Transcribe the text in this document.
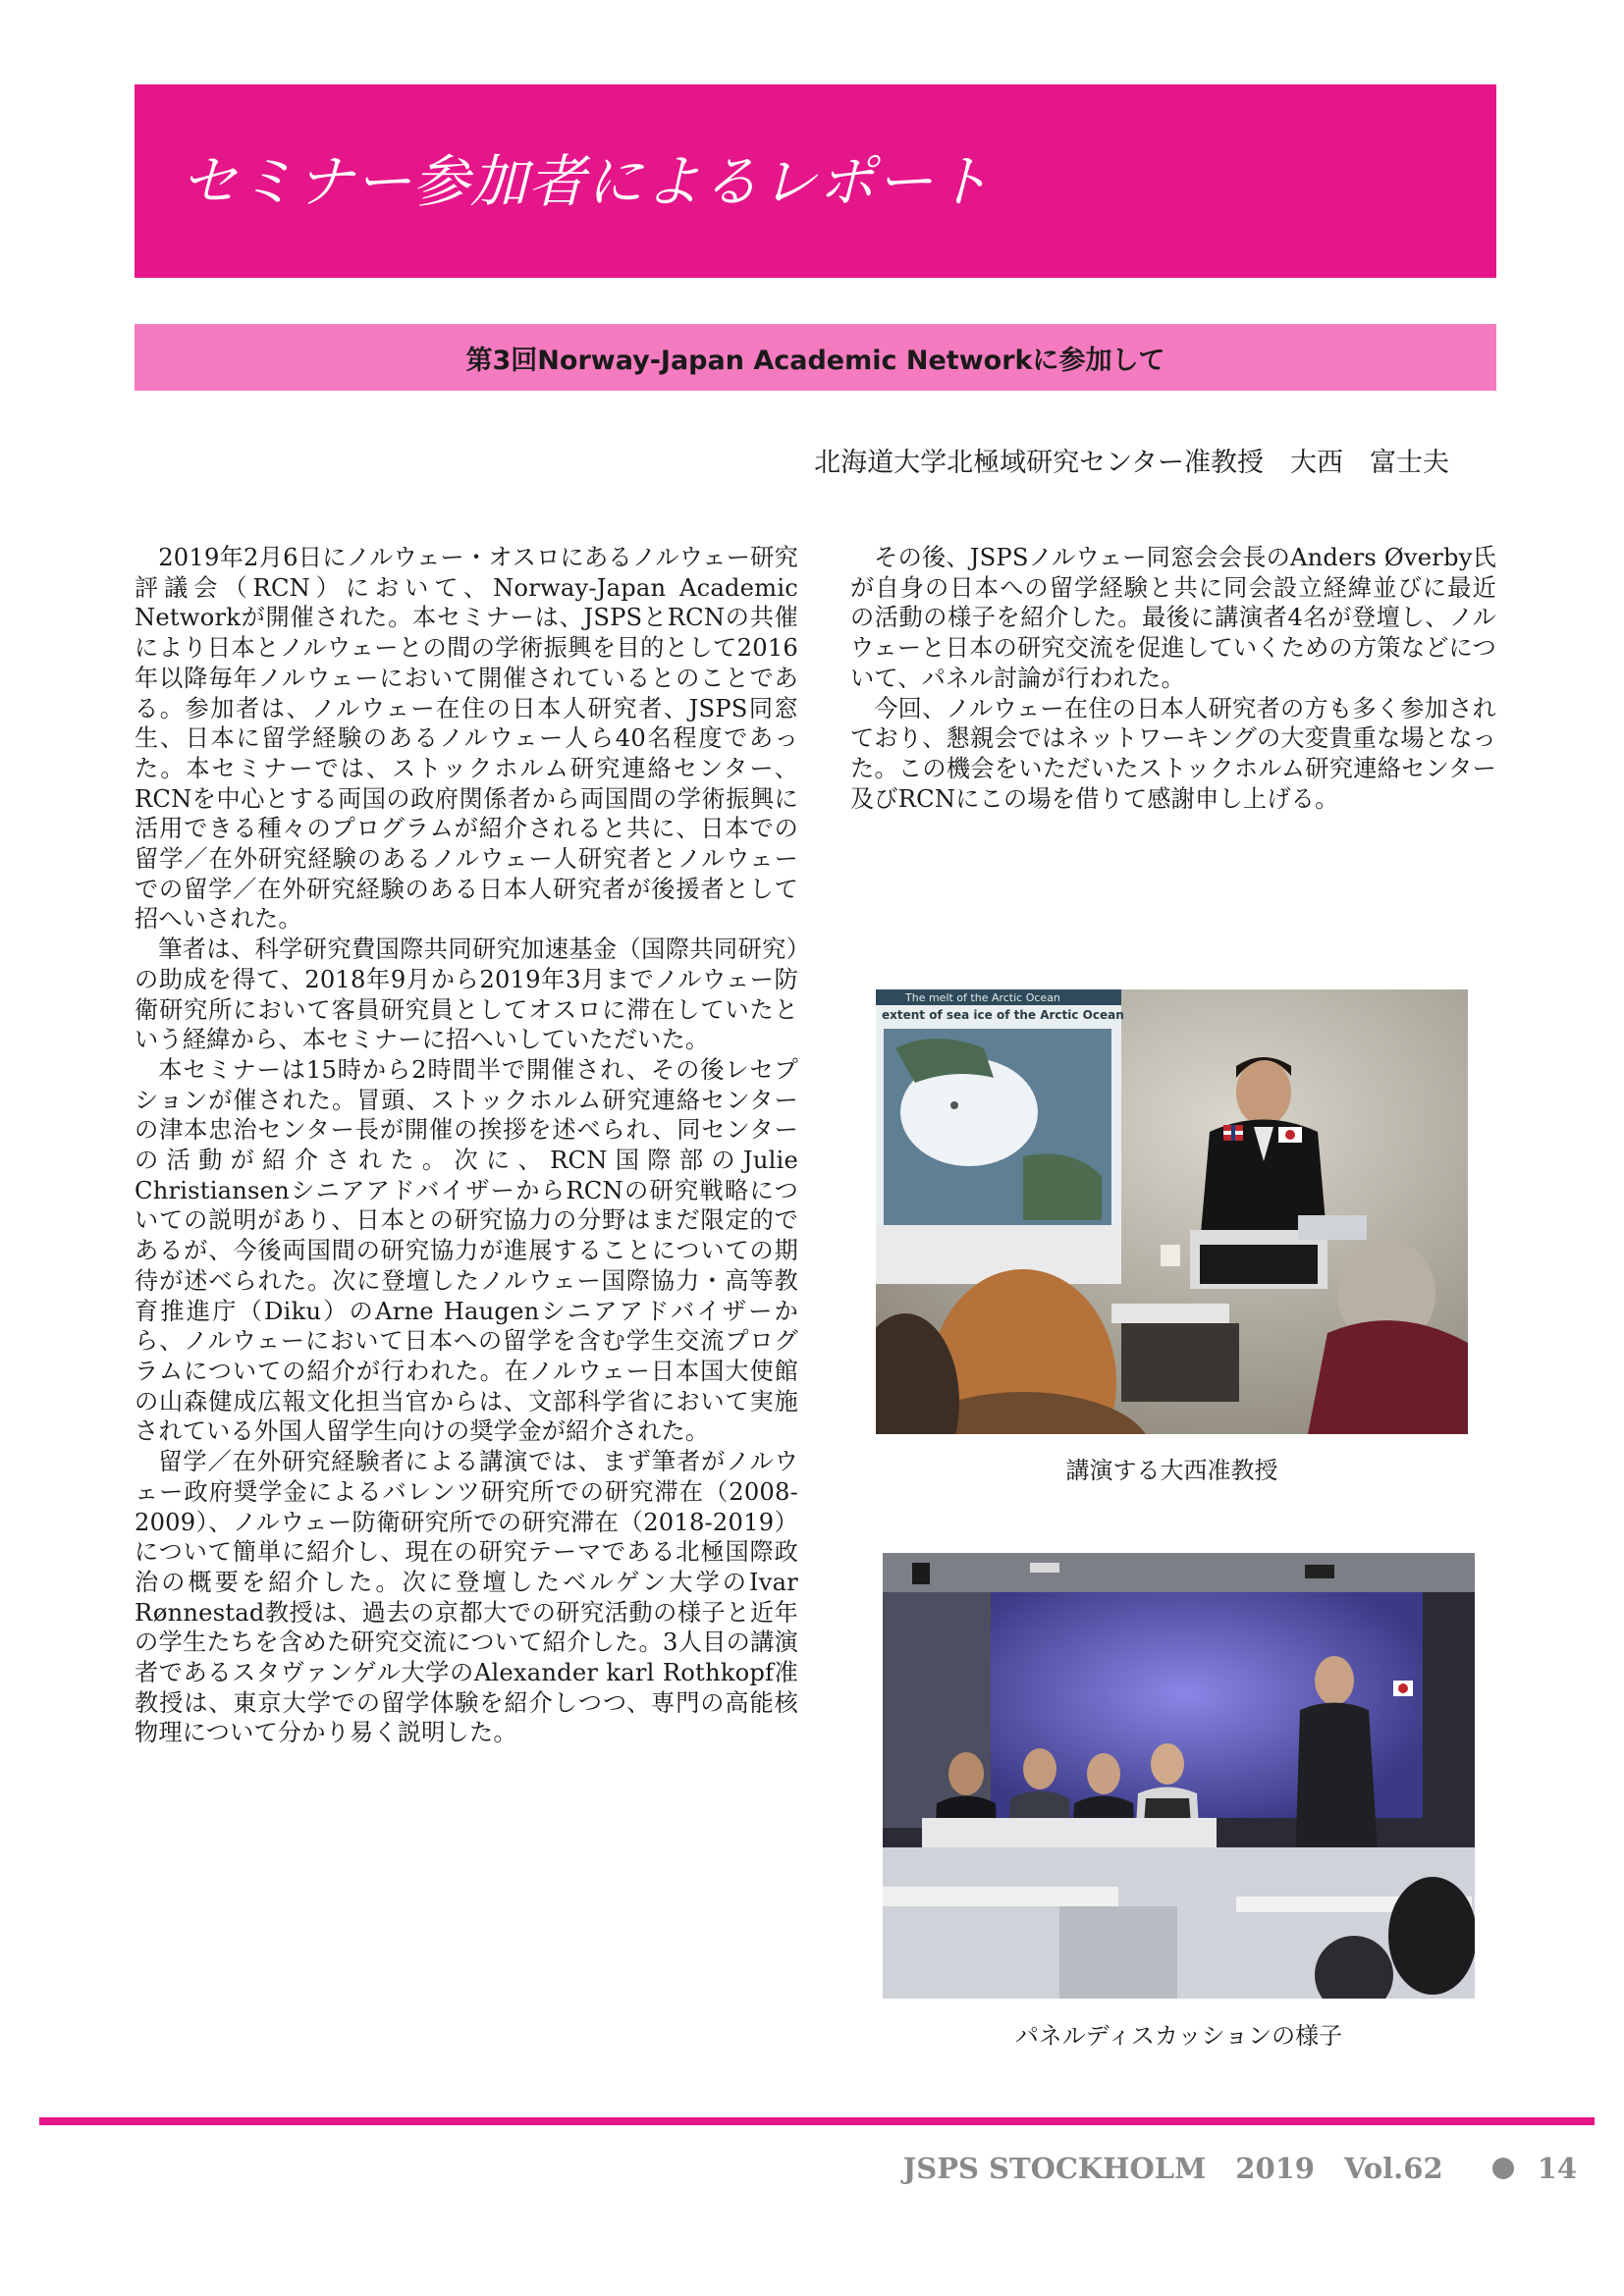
セミナー参加者によるレポート
第3回Norway-Japan Academic Networkに参加して
北海道大学北極域研究センター准教授　大西　富士夫

2019年2月6日にノルウェー・オスロにあるノルウェー研究評議会（RCN）において、Norway-Japan Academic Networkが開催された。本セミナーは、JSPSとRCNの共催により日本とノルウェーとの間の学術振興を目的として2016年以降毎年ノルウェーにおいて開催されているとのことである。参加者は、ノルウェー在住の日本人研究者、JSPS同窓生、日本に留学経験のあるノルウェー人ら40名程度であった。本セミナーでは、ストックホルム研究連絡センター、RCNを中心とする両国の政府関係者から両国間の学術振興に活用できる種々のプログラムが紹介されると共に、日本での留学／在外研究経験のあるノルウェー人研究者とノルウェーでの留学／在外研究経験のある日本人研究者が後援者として招へいされた。

筆者は、科学研究費国際共同研究加速基金（国際共同研究）の助成を得て、2018年9月から2019年3月までノルウェー防衛研究所において客員研究員としてオスロに滞在していたという経緯から、本セミナーに招へいしていただいた。

本セミナーは15時から2時間半で開催され、その後レセプションが催された。冒頭、ストックホルム研究連絡センターの津本忠治センター長が開催の挨拶を述べられ、同センターの活動が紹介された。次に、RCN国際部のJulie ChristiansenシニアアドバイザーからRCNの研究戦略についての説明があり、日本との研究協力の分野はまだ限定的であるが、今後両国間の研究協力が進展することについての期待が述べられた。次に登壇したノルウェー国際協力・高等教育推進庁（Diku）のArne Haugenシニアアドバイザーから、ノルウェーにおいて日本への留学を含む学生交流プログラムについての紹介が行われた。在ノルウェー日本国大使館の山森健成広報文化担当官からは、文部科学省において実施されている外国人留学生向けの奨学金が紹介された。

留学／在外研究経験者による講演では、まず筆者がノルウェー政府奨学金によるバレンツ研究所での研究滞在（2008-2009）、ノルウェー防衛研究所での研究滞在（2018-2019）について簡単に紹介し、現在の研究テーマである北極国際政治の概要を紹介した。次に登壇したベルゲン大学のIvar Rønnestad教授は、過去の京都大での研究活動の様子と近年の学生たちを含めた研究交流について紹介した。3人目の講演者であるスタヴァンゲル大学のAlexander karl Rothkopf准教授は、東京大学での留学体験を紹介しつつ、専門の高能核物理について分かり易く説明した。

その後、JSPSノルウェー同窓会会長のAnders Øverby氏が自身の日本への留学経験と共に同会設立経緯並びに最近の活動の様子を紹介した。最後に講演者4名が登壇し、ノルウェーと日本の研究交流を促進していくための方策などについて、パネル討論が行われた。

今回、ノルウェー在住の日本人研究者の方も多く参加されており、懇親会ではネットワーキングの大変貴重な場となった。この機会をいただいたストックホルム研究連絡センター及びRCNにこの場を借りて感謝申し上げる。

The melt of the Arctic Ocean
extent of sea ice of the Arctic Ocean
講演する大西准教授
パネルディスカッションの様子
JSPS STOCKHOLM 2019 Vol.62	14
